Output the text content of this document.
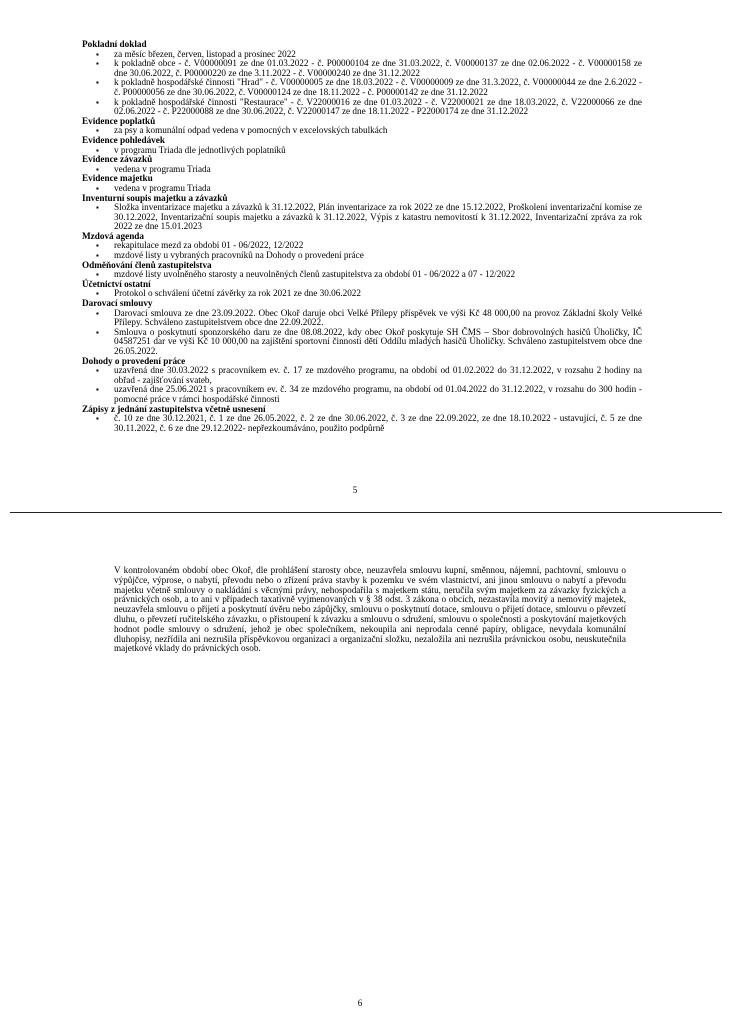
Pokladní doklad
▪ za měsíc březen, červen, listopad a prosinec 2022
▪ k pokladně obce - č. V00000091 ze dne 01.03.2022 - č. P00000104 ze dne 31.03.2022, č. V00000137 ze dne 02.06.2022 - č. V00000158 ze dne 30.06.2022, č. P00000220 ze dne 3.11.2022 - č. V00000240 ze dne 31.12.2022
▪ k pokladně hospodářské činnosti "Hrad" - č. V00000005 ze dne 18.03.2022 - č. V00000009 ze dne 31.3.2022, č. V00000044 ze dne 2.6.2022 - č. P00000056 ze dne 30.06.2022, č. V00000124 ze dne 18.11.2022 - č. P00000142 ze dne 31.12.2022
▪ k pokladně hospodářské činnosti "Restaurace" - č. V22000016 ze dne 01.03.2022 - č. V22000021 ze dne 18.03.2022, č. V22000066 ze dne 02.06.2022 - č. P22000088 ze dne 30.06.2022, č. V22000147 ze dne 18.11.2022 - P22000174 ze dne 31.12.2022
Evidence poplatků
▪ za psy a komunální odpad vedena v pomocných v excelovských tabulkách
Evidence pohledávek
▪ v programu Triada dle jednotlivých poplatníků
Evidence závazků
▪ vedena v programu Triada
Evidence majetku
▪ vedena v programu Triada
Inventurní soupis majetku a závazků
▪ Složka inventarizace majetku a závazků k 31.12.2022, Plán inventarizace za rok 2022 ze dne 15.12.2022, Proškolení inventarizační komise ze 30.12.2022, Inventarizační soupis majetku a závazků k 31.12.2022, Výpis z katastru nemovitostí k 31.12.2022, Inventarizační zpráva za rok 2022 ze dne 15.01.2023
Mzdová agenda
▪ rekapitulace mezd za období 01 - 06/2022, 12/2022
▪ mzdové listy u vybraných pracovníků na Dohody o provedení práce
Odměňování členů zastupitelstva
▪ mzdové listy uvolněného starosty a neuvolněných členů zastupitelstva za období 01 - 06/2022 a 07 - 12/2022
Účetnictví ostatní
▪ Protokol o schválení účetní závěrky za rok 2021 ze dne 30.06.2022
Darovací smlouvy
▪ Darovací smlouva ze dne 23.09.2022. Obec Okoř daruje obci Velké Přílepy příspěvek ve výši Kč 48 000,00 na provoz Základní školy Velké Přílepy. Schváleno zastupitelstvem obce dne 22.09.2022.
▪ Smlouva o poskytnutí sponzorského daru ze dne 08.08.2022, kdy obec Okoř poskytuje SH ČMS – Sbor dobrovolných hasičů Úholičky, IČ 04587251 dar ve výši Kč 10 000,00 na zajištění sportovní činnosti dětí Oddílu mladých hasičů Úholičky. Schváleno zastupitelstvem obce dne 26.05.2022.
Dohody o provedení práce
▪ uzavřená dne 30.03.2022 s pracovníkem ev. č. 17 ze mzdového programu, na období od 01.02.2022 do 31.12.2022, v rozsahu 2 hodiny na obřad - zajišťování svateb,
▪ uzavřená dne 25.06.2021 s pracovníkem ev. č. 34 ze mzdového programu, na období od 01.04.2022 do 31.12.2022, v rozsahu do 300 hodin - pomocné práce v rámci hospodářské činnosti
Zápisy z jednání zastupitelstva včetně usnesení
▪ č. 10 ze dne 30.12.2021, č. 1 ze dne 26.05.2022, č. 2 ze dne 30.06.2022, č. 3 ze dne 22.09.2022, ze dne 18.10.2022 - ustavující, č. 5 ze dne 30.11.2022, č. 6 ze dne 29.12.2022- nepřezkoumáváno, použito podpůrně
5
V kontrolovaném období obec Okoř, dle prohlášení starosty obce, neuzavřela smlouvu kupní, směnnou, nájemní, pachtovní, smlouvu o výpůjčce, výprose, o nabytí, převodu nebo o zřízení práva stavby k pozemku ve svém vlastnictví, ani jinou smlouvu o nabytí a převodu majetku včetně smlouvy o nakládání s věcnými právy, nehospodařila s majetkem státu, neručila svým majetkem za závazky fyzických a právnických osob, a to ani v případech taxativně vyjmenovaných v § 38 odst. 3 zákona o obcích, nezastavila movitý a nemovitý majetek, neuzavřela smlouvu o přijetí a poskytnutí úvěru nebo zápůjčky, smlouvu o poskytnutí dotace, smlouvu o přijetí dotace, smlouvu o převzetí dluhu, o převzetí ručitelského závazku, o přistoupení k závazku a smlouvu o sdružení, smlouvu o společnosti a poskytování majetkových hodnot podle smlouvy o sdružení, jehož je obec společníkem, nekoupila ani neprodala cenné papíry, obligace, nevydala komunální dluhopisy, nezřídila ani nezrušila příspěvkovou organizaci a organizační složku, nezaložila ani nezrušila právnickou osobu, neuskutečnila majetkové vklady do právnických osob.
6
